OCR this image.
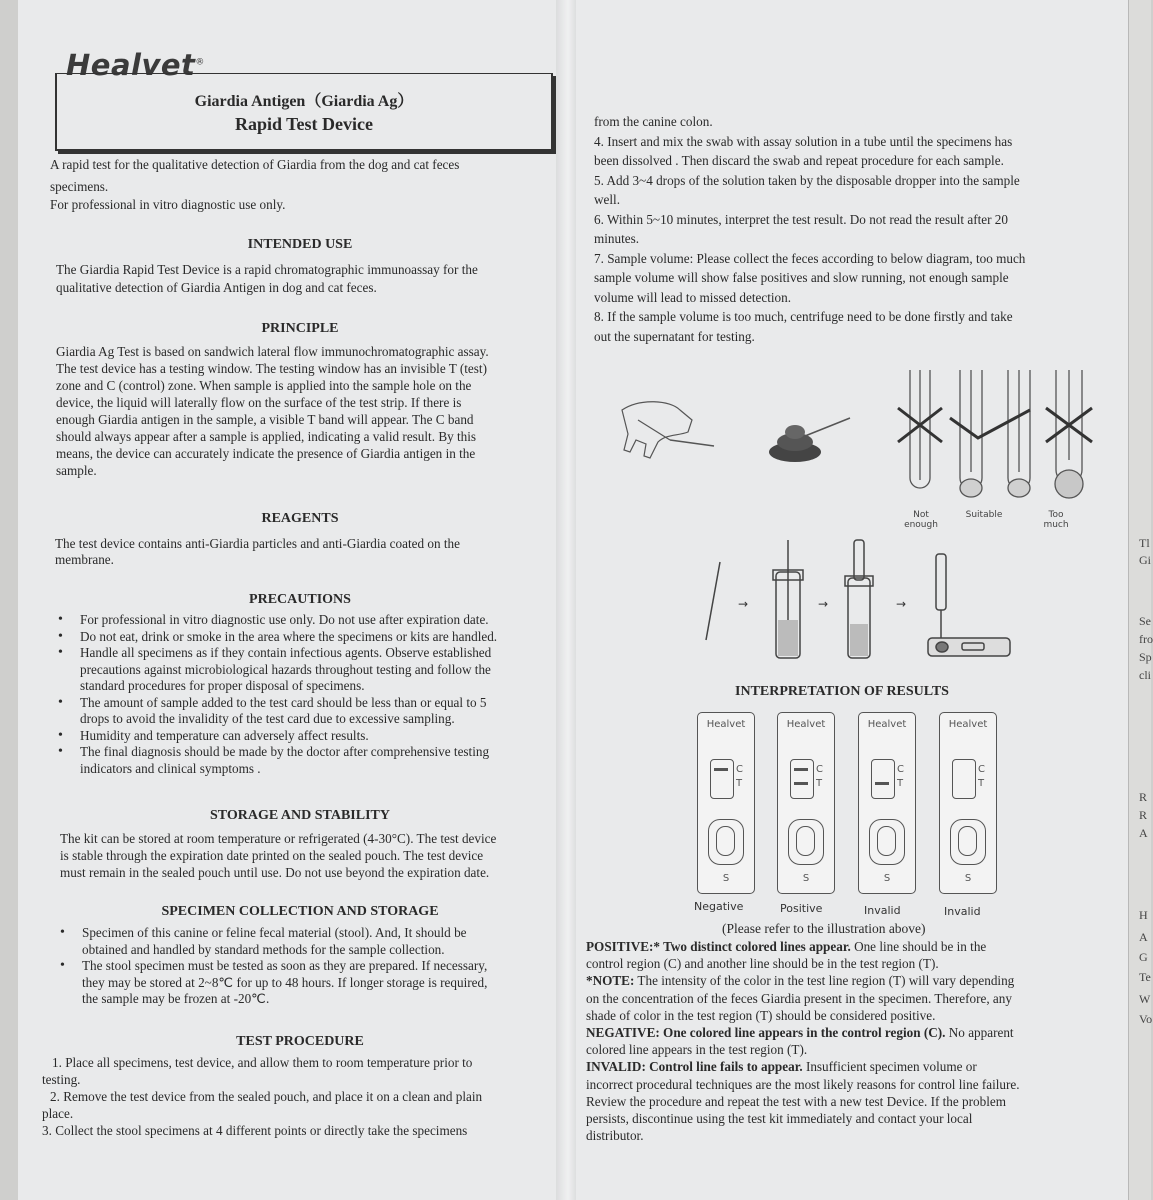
Tl
Gi
Se
fro
Sp
cli
R
R
A
H
A
G
Te
W
Vo
Healvet®
Giardia Antigen（Giardia Ag）
Rapid Test Device

A rapid test for the qualitative detection of Giardia from the dog and cat feces

specimens.

For professional in vitro diagnostic use only.

INTENDED USE

The Giardia Rapid Test Device is a rapid chromatographic immunoassay for the

qualitative detection of Giardia Antigen in dog and cat feces.

PRINCIPLE

Giardia Ag Test is based on sandwich lateral flow immunochromatographic assay.

The test device has a testing window. The testing window has an invisible T (test)

zone and C (control) zone. When sample is applied into the sample hole on the

device, the liquid will laterally flow on the surface of the test strip. If there is

enough Giardia antigen in the sample, a visible T band will appear. The C band

should always appear after a sample is applied, indicating a valid result. By this

means, the device can accurately indicate the presence of Giardia antigen in the

sample.

REAGENTS

The test device contains anti-Giardia particles and anti-Giardia coated on the

membrane.

PRECAUTIONS
• For professional in vitro diagnostic use only. Do not use after expiration date.
• Do not eat, drink or smoke in the area where the specimens or kits are handled.
• Handle all specimens as if they contain infectious agents. Observe established
precautions against microbiological hazards throughout testing and follow the
standard procedures for proper disposal of specimens.
• The amount of sample added to the test card should be less than or equal to 5
drops to avoid the invalidity of the test card due to excessive sampling.
• Humidity and temperature can adversely affect results.
• The final diagnosis should be made by the doctor after comprehensive testing
indicators and clinical symptoms .
STORAGE AND STABILITY

The kit can be stored at room temperature or refrigerated (4-30°C). The test device

is stable through the expiration date printed on the sealed pouch. The test device

must remain in the sealed pouch until use. Do not use beyond the expiration date.

SPECIMEN COLLECTION AND STORAGE
• Specimen of this canine or feline fecal material (stool). And, It should be
obtained and handled by standard methods for the sample collection.
• The stool specimen must be tested as soon as they are prepared. If necessary,
they may be stored at 2~8℃ for up to 48 hours. If longer storage is required,
the sample may be frozen at -20℃.
TEST PROCEDURE

1. Place all specimens, test device, and allow them to room temperature prior to

testing.

2. Remove the test device from the sealed pouch, and place it on a clean and plain

place.

3. Collect the stool specimens at 4 different points or directly take the specimens

from the canine colon.

4. Insert and mix the swab with assay solution in a tube until the specimens has

been dissolved . Then discard the swab and repeat procedure for each sample.

5. Add 3~4 drops of the solution taken by the disposable dropper into the sample

well.

6. Within 5~10 minutes, interpret the test result. Do not read the result after 20

minutes.

7. Sample volume: Please collect the feces according to below diagram, too much

sample volume will show false positives and slow running, not enough sample

volume will lead to missed detection.

8. If the sample volume is too much, centrifuge need to be done firstly and take

out the supernatant for testing.

Not
enough
Suitable	Too
much
→	→	→
INTERPRETATION OF RESULTS
Healvet
C
T
S
Healvet
C
T
S
Healvet
C
T
S
Healvet
C
T
S
Negative	Positive	Invalid	Invalid

(Please refer to the illustration above)

POSITIVE:* Two distinct colored lines appear. One line should be in the

control region (C) and another line should be in the test region (T).

*NOTE: The intensity of the color in the test line region (T) will vary depending

on the concentration of the feces Giardia present in the specimen. Therefore, any

shade of color in the test region (T) should be considered positive.

NEGATIVE: One colored line appears in the control region (C). No apparent

colored line appears in the test region (T).

INVALID: Control line fails to appear. Insufficient specimen volume or

incorrect procedural techniques are the most likely reasons for control line failure.

Review the procedure and repeat the test with a new test Device. If the problem

persists, discontinue using the test kit immediately and contact your local

distributor.
